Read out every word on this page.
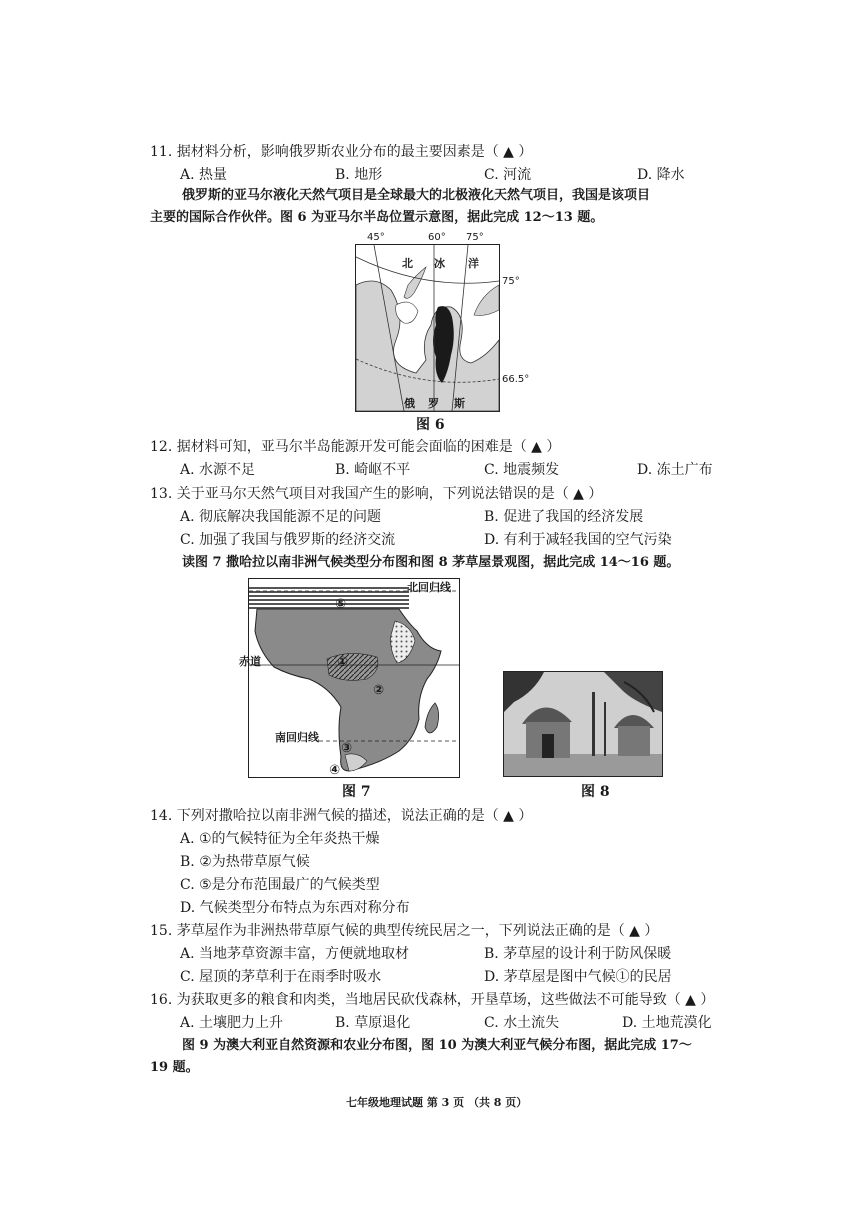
11. 据材料分析，影响俄罗斯农业分布的最主要因素是（ ▲ ）
A. 热量	B. 地形	C. 河流	D. 降水
俄罗斯的亚马尔液化天然气项目是全球最大的北极液化天然气项目，我国是该项目
主要的国际合作伙伴。图 6 为亚马尔半岛位置示意图，据此完成 12～13 题。
45°	60° 75°
北 冰 洋
俄 罗 斯
75°
66.5°
图 6
12. 据材料可知，亚马尔半岛能源开发可能会面临的困难是（ ▲ ）
A. 水源不足	B. 崎岖不平	C. 地震频发	D. 冻土广布
13. 关于亚马尔天然气项目对我国产生的影响，下列说法错误的是（ ▲ ）
A. 彻底解决我国能源不足的问题	B. 促进了我国的经济发展
C. 加强了我国与俄罗斯的经济交流	D. 有利于减轻我国的空气污染
读图 7 撒哈拉以南非洲气候类型分布图和图 8 茅草屋景观图，据此完成 14～16 题。
北回归线
赤道
南回归线
⑤
①
②
③
④
图 7	图 8
14. 下列对撒哈拉以南非洲气候的描述，说法正确的是（ ▲ ）
A. ①的气候特征为全年炎热干燥
B. ②为热带草原气候
C. ⑤是分布范围最广的气候类型
D. 气候类型分布特点为东西对称分布
15. 茅草屋作为非洲热带草原气候的典型传统民居之一，下列说法正确的是（ ▲ ）
A. 当地茅草资源丰富，方便就地取材	B. 茅草屋的设计利于防风保暖
C. 屋顶的茅草利于在雨季时吸水	D. 茅草屋是图中气候①的民居
16. 为获取更多的粮食和肉类，当地居民砍伐森林，开垦草场，这些做法不可能导致（ ▲ ）
A. 土壤肥力上升	B. 草原退化	C. 水土流失	D. 土地荒漠化
图 9 为澳大利亚自然资源和农业分布图，图 10 为澳大利亚气候分布图，据此完成 17～
19 题。
七年级地理试题 第 3 页 （共 8 页）
